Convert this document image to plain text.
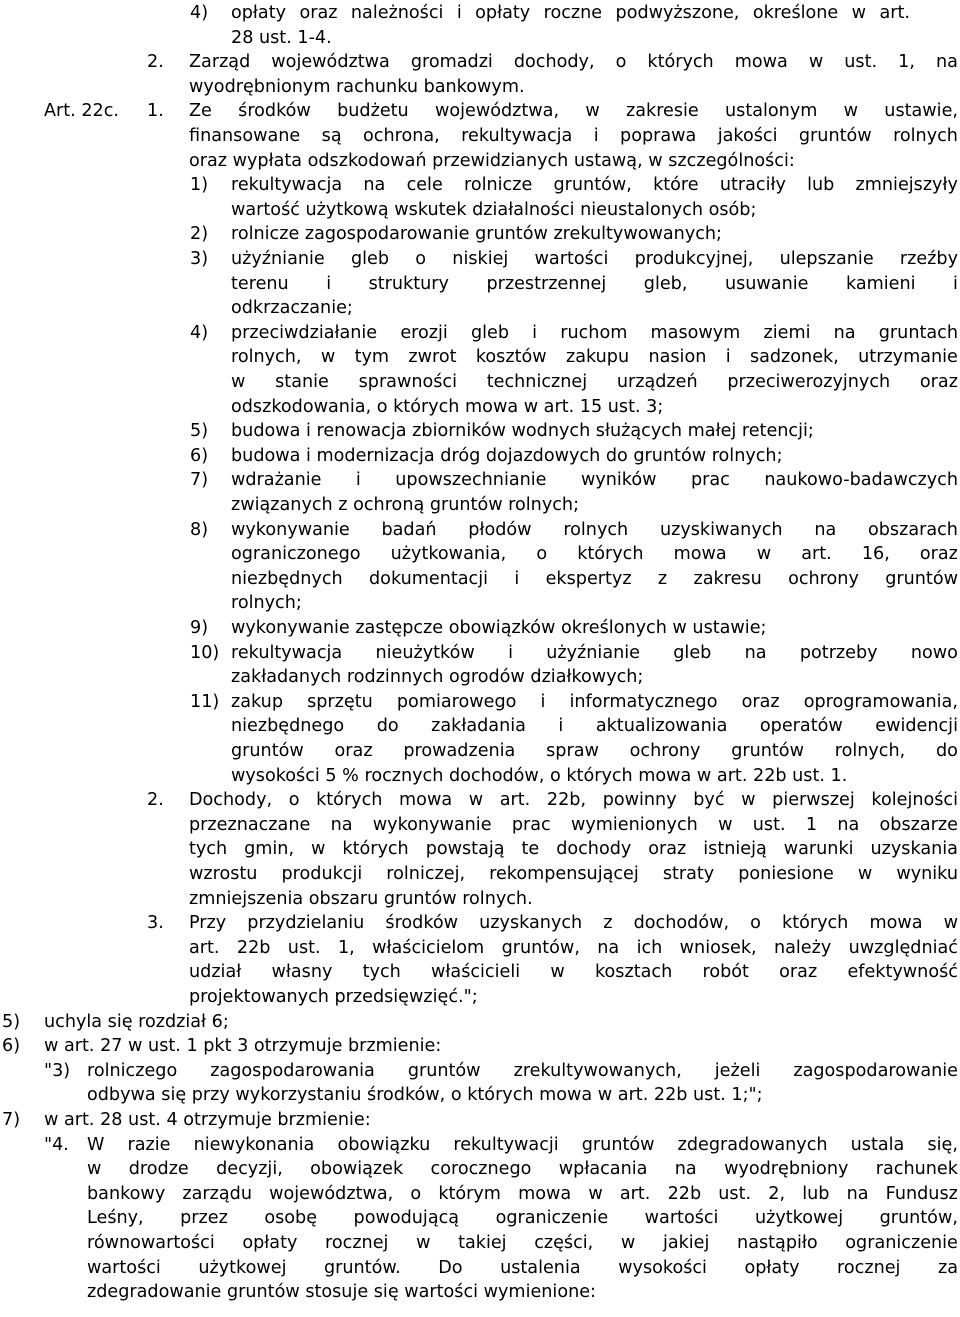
4) opłaty oraz należności i opłaty roczne podwyższone, określone w art.
28 ust. 1-4.
2. Zarząd województwa gromadzi dochody, o których mowa w ust. 1, na
wyodrębnionym rachunku bankowym.
Art. 22c. 1. Ze środków budżetu województwa, w zakresie ustalonym w ustawie,
finansowane są ochrona, rekultywacja i poprawa jakości gruntów rolnych
oraz wypłata odszkodowań przewidzianych ustawą, w szczególności:
1) rekultywacja na cele rolnicze gruntów, które utraciły lub zmniejszyły
wartość użytkową wskutek działalności nieustalonych osób;
2) rolnicze zagospodarowanie gruntów zrekultywowanych;
3) użyźnianie gleb o niskiej wartości produkcyjnej, ulepszanie rzeźby
terenu i struktury przestrzennej gleb, usuwanie kamieni i
odkrzaczanie;
4) przeciwdziałanie erozji gleb i ruchom masowym ziemi na gruntach
rolnych, w tym zwrot kosztów zakupu nasion i sadzonek, utrzymanie
w stanie sprawności technicznej urządzeń przeciwerozyjnych oraz
odszkodowania, o których mowa w art. 15 ust. 3;
5) budowa i renowacja zbiorników wodnych służących małej retencji;
6) budowa i modernizacja dróg dojazdowych do gruntów rolnych;
7) wdrażanie i upowszechnianie wyników prac naukowo-badawczych
związanych z ochroną gruntów rolnych;
8) wykonywanie badań płodów rolnych uzyskiwanych na obszarach
ograniczonego użytkowania, o których mowa w art. 16, oraz
niezbędnych dokumentacji i ekspertyz z zakresu ochrony gruntów
rolnych;
9) wykonywanie zastępcze obowiązków określonych w ustawie;
10) rekultywacja nieużytków i użyźnianie gleb na potrzeby nowo
zakładanych rodzinnych ogrodów działkowych;
11) zakup sprzętu pomiarowego i informatycznego oraz oprogramowania,
niezbędnego do zakładania i aktualizowania operatów ewidencji
gruntów oraz prowadzenia spraw ochrony gruntów rolnych, do
wysokości 5 % rocznych dochodów, o których mowa w art. 22b ust. 1.
2. Dochody, o których mowa w art. 22b, powinny być w pierwszej kolejności
przeznaczane na wykonywanie prac wymienionych w ust. 1 na obszarze
tych gmin, w których powstają te dochody oraz istnieją warunki uzyskania
wzrostu produkcji rolniczej, rekompensującej straty poniesione w wyniku
zmniejszenia obszaru gruntów rolnych.
3. Przy przydzielaniu środków uzyskanych z dochodów, o których mowa w
art. 22b ust. 1, właścicielom gruntów, na ich wniosek, należy uwzględniać
udział własny tych właścicieli w kosztach robót oraz efektywność
projektowanych przedsięwzięć.";
5) uchyla się rozdział 6;
6) w art. 27 w ust. 1 pkt 3 otrzymuje brzmienie:
"3) rolniczego zagospodarowania gruntów zrekultywowanych, jeżeli zagospodarowanie
odbywa się przy wykorzystaniu środków, o których mowa w art. 22b ust. 1;";
7) w art. 28 ust. 4 otrzymuje brzmienie:
"4. W razie niewykonania obowiązku rekultywacji gruntów zdegradowanych ustala się,
w drodze decyzji, obowiązek corocznego wpłacania na wyodrębniony rachunek
bankowy zarządu województwa, o którym mowa w art. 22b ust. 2, lub na Fundusz
Leśny, przez osobę powodującą ograniczenie wartości użytkowej gruntów,
równowartości opłaty rocznej w takiej części, w jakiej nastąpiło ograniczenie
wartości użytkowej gruntów. Do ustalenia wysokości opłaty rocznej za
zdegradowanie gruntów stosuje się wartości wymienione:
